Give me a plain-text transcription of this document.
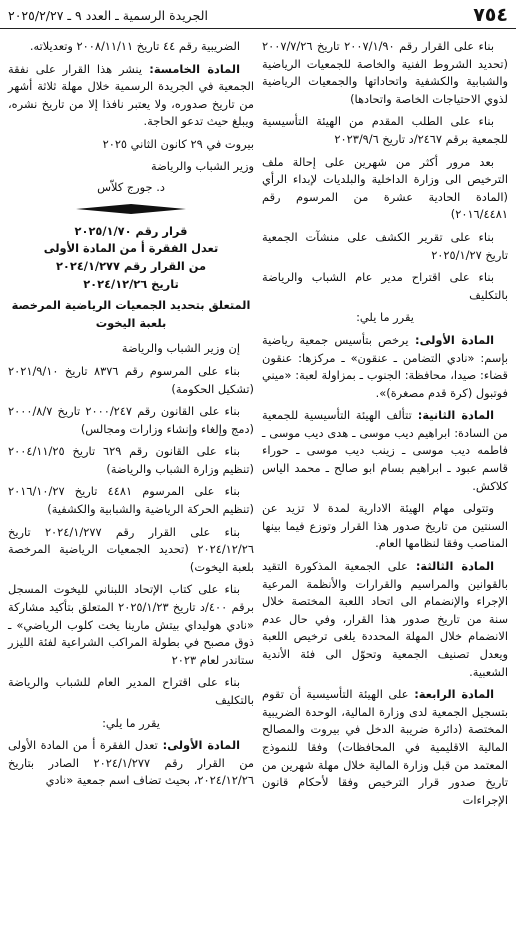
٧٥٤
الجريدة الرسمية ـ العدد ٩ ـ ٢٠٢٥/٢/٢٧

بناء على القرار رقم ٢٠٠٧/١/٩٠ تاريخ ٢٠٠٧/٧/٢٦ (تحديد الشروط الفنية والخاصة للجمعيات الرياضية والشبابية والكشفية واتحاداتها والجمعيات الرياضية لذوي الاحتياجات الخاصة واتحادها)

بناء على الطلب المقدم من الهيئة التأسيسية للجمعية برقم ٢٤٦٧/د تاريخ ٢٠٢٣/٩/٦

بعد مرور أكثر من شهرين على إحالة ملف الترخيص الى وزارة الداخلية والبلديات لإبداء الرأي (المادة الحادية عشرة من المرسوم رقم ٢٠١٦/٤٤٨١)

بناء على تقرير الكشف على منشآت الجمعية تاريخ ٢٠٢٥/١/٢٧

بناء على اقتراح مدير عام الشباب والرياضة بالتكليف

يقرر ما يلي:

المادة الأولى: يرخص بتأسيس جمعية رياضية بإسم: «نادي التضامن ـ عنقون» ـ مركزها: عنقون قضاء: صيدا، محافظة: الجنوب ـ بمزاولة لعبة: «ميني فوتبول (كرة قدم مصغرة)».

المادة الثانية: تتألف الهيئة التأسيسية للجمعية من السادة: ابراهيم ديب موسى ـ هدى ديب موسى ـ فاطمه ديب موسى ـ زينب ديب موسى ـ حوراء قاسم عبود ـ ابراهيم بسام ابو صالح ـ محمد الياس كلاكش.

وتتولى مهام الهيئة الادارية لمدة لا تزيد عن السنتين من تاريخ صدور هذا القرار وتوزع فيما بينها المناصب وفقا لنظامها العام.

المادة الثالثة: على الجمعية المذكورة التقيد بالقوانين والمراسيم والقرارات والأنظمة المرعية الإجراء والإنضمام الى اتحاد اللعبة المختصة خلال سنة من تاريخ صدور هذا القرار، وفي حال عدم الانضمام خلال المهلة المحددة يلغى ترخيص اللعبة ويعدل تصنيف الجمعية وتحوّل الى فئة الأندية الشعبية.

المادة الرابعة: على الهيئة التأسيسية أن تقوم بتسجيل الجمعية لدى وزارة المالية، الوحدة الضريبية المختصة (دائرة ضريبة الدخل في بيروت والمصالح المالية الاقليمية في المحافظات) وفقا للنموذج المعتمد من قبل وزارة المالية خلال مهلة شهرين من تاريخ صدور قرار الترخيص وفقا لأحكام قانون الإجراءات

الضريبية رقم ٤٤ تاريخ ٢٠٠٨/١١/١١ وتعديلاته.

المادة الخامسة: ينشر هذا القرار على نفقة الجمعية في الجريدة الرسمية خلال مهلة ثلاثة أشهر من تاريخ صدوره، ولا يعتبر نافذا إلا من تاريخ نشره، ويبلغ حيث تدعو الحاجة.

بيروت في ٢٩ كانون الثاني ٢٠٢٥

وزير الشباب والرياضة

د. جورج كلاّس

قرار رقم ٢٠٢٥/١/٧٠
تعدل الفقرة أ من المادة الأولى
من القرار رقم ٢٠٢٤/١/٢٧٧
تاريخ ٢٠٢٤/١٢/٢٦

المتعلق بتحديد الجمعيات الرياضية المرخصة بلعبة اليخوت

إن وزير الشباب والرياضة

بناء على المرسوم رقم ٨٣٧٦ تاريخ ٢٠٢١/٩/١٠ (تشكيل الحكومة)

بناء على القانون رقم ٢٠٠٠/٢٤٧ تاريخ ٢٠٠٠/٨/٧ (دمج وإلغاء وإنشاء وزارات ومجالس)

بناء على القانون رقم ٦٢٩ تاريخ ٢٠٠٤/١١/٢٥ (تنظيم وزارة الشباب والرياضة)

بناء على المرسوم ٤٤٨١ تاريخ ٢٠١٦/١٠/٢٧ (تنظيم الحركة الرياضية والشبابية والكشفية)

بناء على القرار رقم ٢٠٢٤/١/٢٧٧ تاريخ ٢٠٢٤/١٢/٢٦ (تحديد الجمعيات الرياضية المرخصة بلعبة اليخوت)

بناء على كتاب الإتحاد اللبناني لليخوت المسجل برقم ٤٠٠/د تاريخ ٢٠٢٥/١/٢٣ المتعلق بتأكيد مشاركة «نادي هوليداي بيتش مارينا يخت كلوب الرياضي» ـ ذوق مصبح في بطولة المراكب الشراعية لفئة الليزر ستاندر لعام ٢٠٢٣

بناء على اقتراح المدير العام للشباب والرياضة بالتكليف

يقرر ما يلي:

المادة الأولى: تعدل الفقرة أ من المادة الأولى من القرار رقم ٢٠٢٤/١/٢٧٧ الصادر بتاريخ ٢٠٢٤/١٢/٢٦، بحيث تضاف اسم جمعية «نادي
